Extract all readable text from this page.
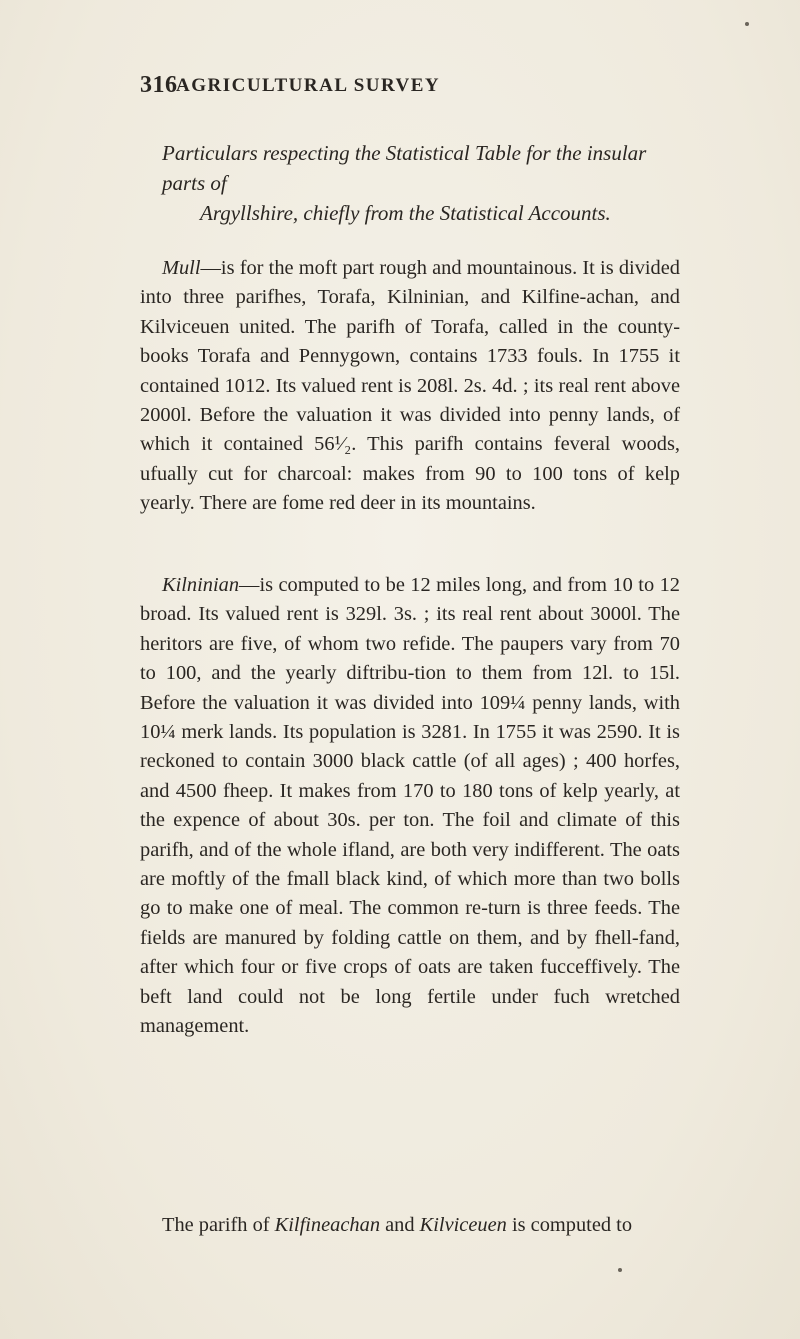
316
AGRICULTURAL SURVEY
Particulars respecting the Statistical Table for the insular parts of
Argyllshire, chiefly from the Statistical Accounts.

Mull—is for the moft part rough and mountainous. It is divided into three parifhes, Torafa, Kilninian, and Kilfine-achan, and Kilviceuen united. The parifh of Torafa, called in the county-books Torafa and Pennygown, contains 1733 fouls. In 1755 it contained 1012. Its valued rent is 208l. 2s. 4d. ; its real rent above 2000l. Before the valuation it was divided into penny lands, of which it contained 56¹⁄₂. This parifh contains feveral woods, ufually cut for charcoal: makes from 90 to 100 tons of kelp yearly. There are fome red deer in its mountains.

Kilninian—is computed to be 12 miles long, and from 10 to 12 broad. Its valued rent is 329l. 3s. ; its real rent about 3000l. The heritors are five, of whom two refide. The paupers vary from 70 to 100, and the yearly diftribu-tion to them from 12l. to 15l. Before the valuation it was divided into 109¼ penny lands, with 10¼ merk lands. Its population is 3281. In 1755 it was 2590. It is reckoned to contain 3000 black cattle (of all ages) ; 400 horfes, and 4500 fheep. It makes from 170 to 180 tons of kelp yearly, at the expence of about 30s. per ton. The foil and climate of this parifh, and of the whole ifland, are both very indifferent. The oats are moftly of the fmall black kind, of which more than two bolls go to make one of meal. The common re-turn is three feeds. The fields are manured by folding cattle on them, and by fhell-fand, after which four or five crops of oats are taken fucceffively. The beft land could not be long fertile under fuch wretched management.

The parifh of Kilfineachan and Kilviceuen is computed to
